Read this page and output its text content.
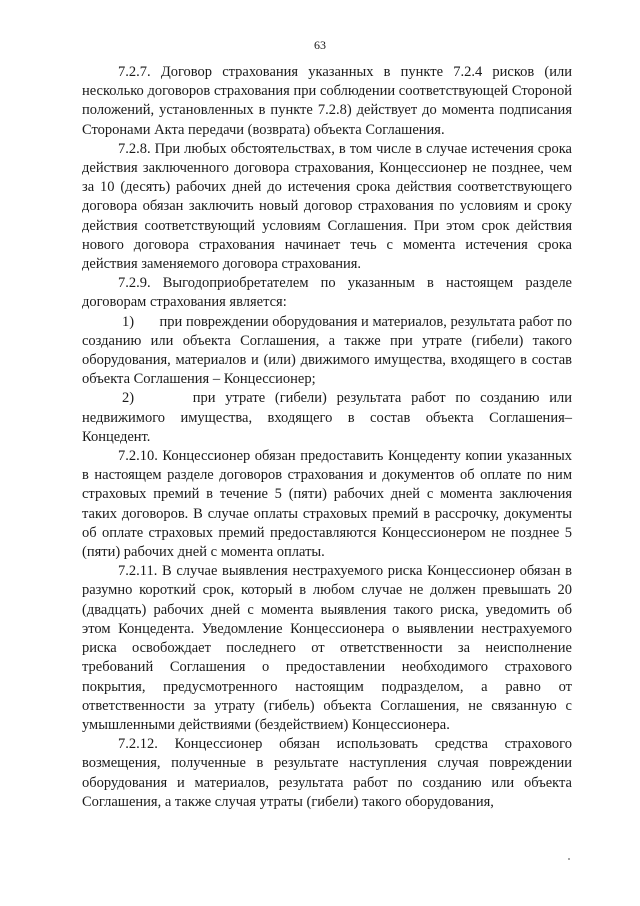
63

7.2.7. Договор страхования указанных в пункте 7.2.4 рисков (или несколько договоров страхования при соблюдении соответствующей Стороной положений, установленных в пункте 7.2.8) действует до момента подписания Сторонами Акта передачи (возврата) объекта Соглашения.

7.2.8. При любых обстоятельствах, в том числе в случае истечения срока действия заключенного договора страхования, Концессионер не позднее, чем за 10 (десять) рабочих дней до истечения срока действия соответствующего договора обязан заключить новый договор страхования по условиям и сроку действия соответствующий условиям Соглашения. При этом срок действия нового договора страхования начинает течь с момента истечения срока действия заменяемого договора страхования.

7.2.9. Выгодоприобретателем по указанным в настоящем разделе договорам страхования является:

1) при повреждении оборудования и материалов, результата работ по созданию или объекта Соглашения, а также при утрате (гибели) такого оборудования, материалов и (или) движимого имущества, входящего в состав объекта Соглашения – Концессионер;

2)	при утрате (гибели) результата работ по созданию или недвижимого имущества, входящего в состав объекта Соглашения– Концедент.

7.2.10. Концессионер обязан предоставить Концеденту копии указанных в настоящем разделе договоров страхования и документов об оплате по ним страховых премий в течение 5 (пяти) рабочих дней с момента заключения таких договоров. В случае оплаты страховых премий в рассрочку, документы об оплате страховых премий предоставляются Концессионером не позднее 5 (пяти) рабочих дней с момента оплаты.

7.2.11. В случае выявления нестрахуемого риска Концессионер обязан в разумно короткий срок, который в любом случае не должен превышать 20 (двадцать) рабочих дней с момента выявления такого риска, уведомить об этом Концедента. Уведомление Концессионера о выявлении нестрахуемого риска освобождает последнего от ответственности за неисполнение требований Соглашения о предоставлении необходимого страхового покрытия, предусмотренного настоящим подразделом, а равно от ответственности за утрату (гибель) объекта Соглашения, не связанную с умышленными действиями (бездействием) Концессионера.

7.2.12. Концессионер обязан использовать средства страхового возмещения, полученные в результате наступления случая повреждении оборудования и материалов, результата работ по созданию или объекта Соглашения, а также случая утраты (гибели) такого оборудования,
